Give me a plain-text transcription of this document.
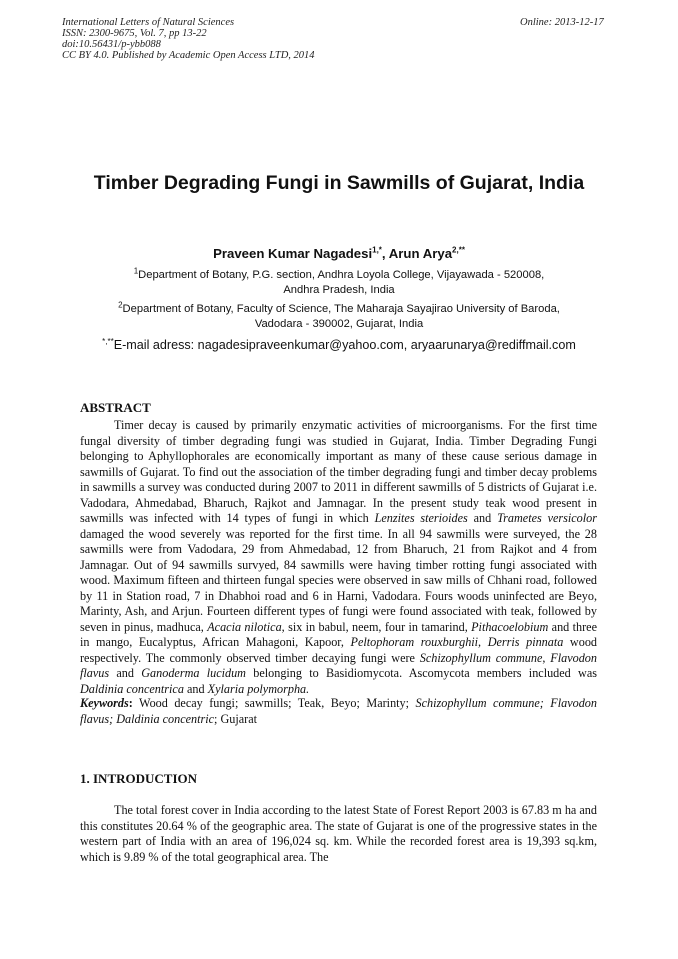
International Letters of Natural Sciences
ISSN: 2300-9675, Vol. 7, pp 13-22
doi:10.56431/p-ybb088
CC BY 4.0. Published by Academic Open Access LTD, 2014
Online: 2013-12-17
Timber Degrading Fungi in Sawmills of Gujarat, India
Praveen Kumar Nagadesi$^{1,*}$, Arun Arya$^{2,**}$
$^1$Department of Botany, P.G. section, Andhra Loyola College, Vijayawada - 520008,
Andhra Pradesh, India
$^2$Department of Botany, Faculty of Science, The Maharaja Sayajirao University of Baroda,
Vadodara - 390002, Gujarat, India
*,**E-mail adress: nagadesipraveenkumar@yahoo.com, aryaarunarya@rediffmail.com
ABSTRACT
Timer decay is caused by primarily enzymatic activities of microorganisms. For the first time fungal diversity of timber degrading fungi was studied in Gujarat, India. Timber Degrading Fungi belonging to Aphyllophorales are economically important as many of these cause serious damage in sawmills of Gujarat. To find out the association of the timber degrading fungi and timber decay problems in sawmills a survey was conducted during 2007 to 2011 in different sawmills of 5 districts of Gujarat i.e. Vadodara, Ahmedabad, Bharuch, Rajkot and Jamnagar. In the present study teak wood present in sawmills was infected with 14 types of fungi in which Lenzites sterioides and Trametes versicolor damaged the wood severely was reported for the first time. In all 94 sawmills were surveyed, the 28 sawmills were from Vadodara, 29 from Ahmedabad, 12 from Bharuch, 21 from Rajkot and 4 from Jamnagar. Out of 94 sawmills survyed, 84 sawmills were having timber rotting fungi associated with wood. Maximum fifteen and thirteen fungal species were observed in saw mills of Chhani road, followed by 11 in Station road, 7 in Dhabhoi road and 6 in Harni, Vadodara. Fours woods uninfected are Beyo, Marinty, Ash, and Arjun. Fourteen different types of fungi were found associated with teak, followed by seven in pinus, madhuca, Acacia nilotica, six in babul, neem, four in tamarind, Pithacoelobium and three in mango, Eucalyptus, African Mahagoni, Kapoor, Peltophoram rouxburghii, Derris pinnata wood respectively. The commonly observed timber decaying fungi were Schizophyllum commune, Flavodon flavus and Ganoderma lucidum belonging to Basidiomycota. Ascomycota members included was Daldinia concentrica and Xylaria polymorpha.
Keywords: Wood decay fungi; sawmills; Teak, Beyo; Marinty; Schizophyllum commune; Flavodon flavus; Daldinia concentric; Gujarat
1. INTRODUCTION
The total forest cover in India according to the latest State of Forest Report 2003 is 67.83 m ha and this constitutes 20.64 % of the geographic area. The state of Gujarat is one of the progressive states in the western part of India with an area of 196,024 sq. km. While the recorded forest area is 19,393 sq.km, which is 9.89 % of the total geographical area. The
